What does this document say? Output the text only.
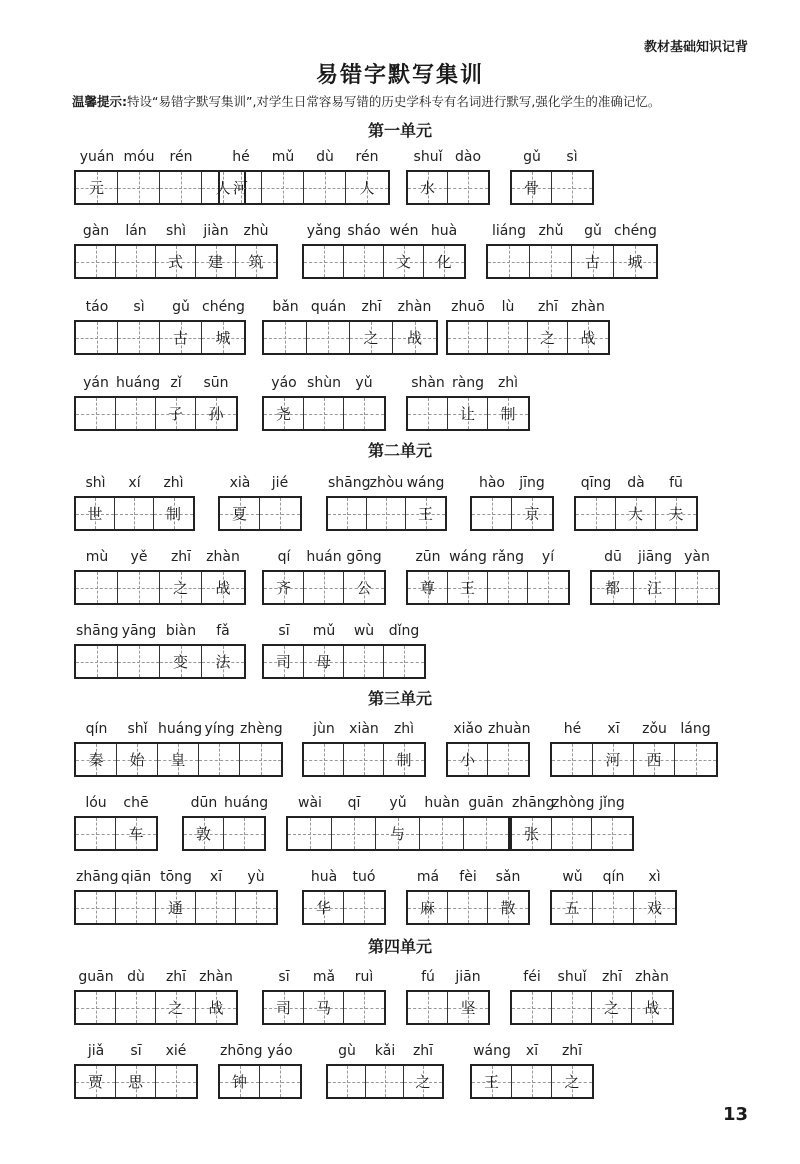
教材基础知识记背
易错字默写集训
温馨提示:特设“易错字默写集训”,对学生日常容易写错的历史学科专有名词进行默写,强化学生的准确记忆。
第一单元
yuán móu rén
元	人
hé mǔ dù rén
河	人
shuǐ dào
水
gǔ sì
骨
gàn lán shì jiàn zhù
式	建	筑
yǎng sháo wén huà
文	化
liáng zhǔ gǔ chéng
古	城
táo sì gǔ chéng
古	城
bǎn quán zhī zhàn
之	战
zhuō lù zhī zhàn
之	战
yán huáng zǐ sūn
子	孙
yáo shùn yǔ
尧
shàn ràng zhì
让	制
第二单元
shì xí zhì
世	制
xià jié
夏
shāngzhòu wáng
王
hào jīng
京
qīng dà fū
大	夫
mù yě zhī zhàn
之	战
qí huán gōng
齐	公
zūn wáng rǎng yí
尊	王
dū jiāng yàn
都	江
shāng yāng biàn fǎ
变	法
sī mǔ wù dǐng
司	母
第三单元
qín shǐ huáng yíng zhèng
秦	始	皇
jùn xiàn zhì
制
xiǎo zhuàn
小
hé xī zǒu láng
河	西
lóu chē
车
dūn huáng
敦
wài qī yǔ huàn guān
与
zhāngzhòng jǐng
张
zhāng qiān tōng xī yù
通
huà tuó
华
má fèi sǎn
麻	散
wǔ qín xì
五	戏
第四单元
guān dù zhī zhàn
之	战
sī mǎ ruì
司	马
fú jiān
坚
féi shuǐ zhī zhàn
之	战
jiǎ sī xié
贾	思
zhōng yáo
钟
gù kǎi zhī
之
wáng xī zhī
王	之
13
